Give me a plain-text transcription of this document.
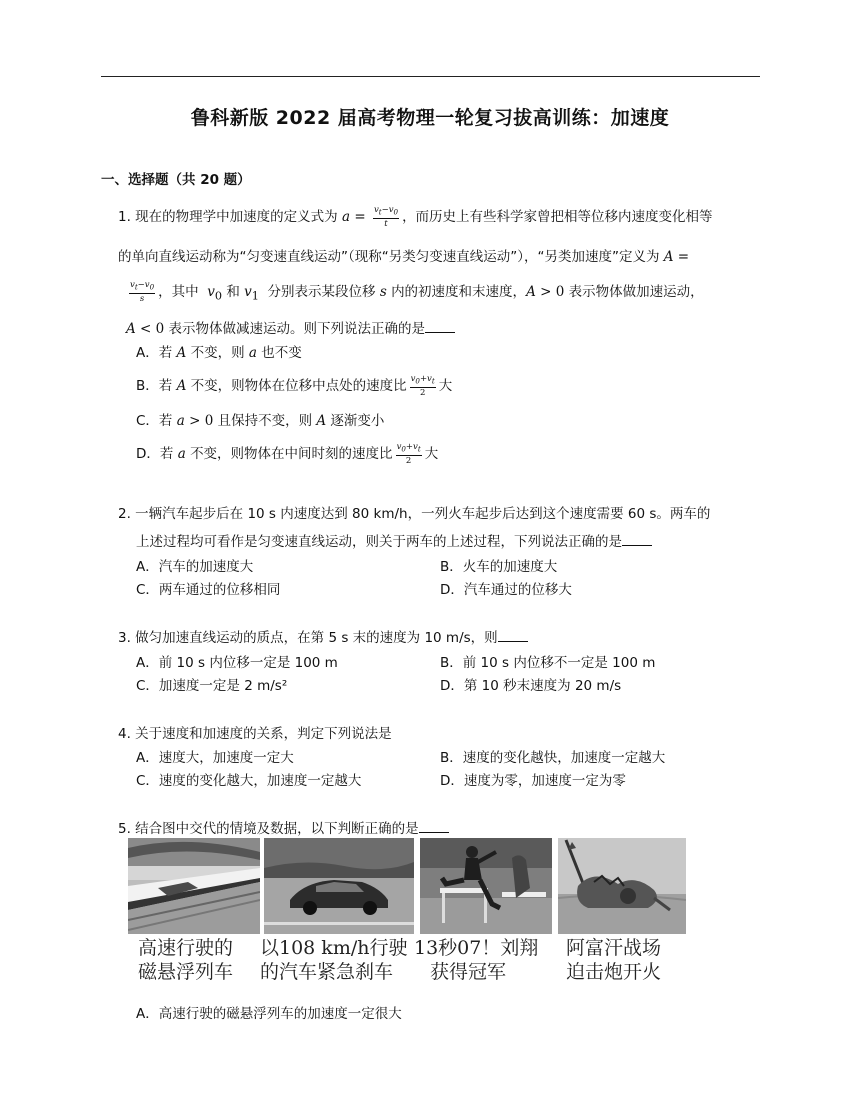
鲁科新版 2022 届高考物理一轮复习拔高训练：加速度
一、选择题（共 20 题）
1. 现在的物理学中加速度的定义式为 $a = \frac{v_t-v_0}{t}$ ，而历史上有些科学家曾把相等位移内速度变化相等
的单向直线运动称为“匀变速直线运动”（现称“另类匀变速直线运动”），“另类加速度”定义为 A =
$\frac{v_t-v_0}{s}$ ，其中 $v_0$ 和 $v_1$ 分别表示某段位移 s 内的初速度和末速度，A > 0 表示物体做加速运动，
A < 0 表示物体做减速运动。则下列说法正确的是
A．若 A 不变，则 a 也不变
B．若 A 不变，则物体在位移中点处的速度比 $\frac{v_0+v_t}{2}$ 大
C．若 a > 0 且保持不变，则 A 逐渐变小
D．若 a 不变，则物体在中间时刻的速度比 $\frac{v_0+v_t}{2}$ 大
2. 一辆汽车起步后在 10 s 内速度达到 80 km/h，一列火车起步后达到这个速度需要 60 s。两车的
上述过程均可看作是匀变速直线运动，则关于两车的上述过程，下列说法正确的是
A．汽车的加速度大	B．火车的加速度大
C．两车通过的位移相同	D．汽车通过的位移大
3. 做匀加速直线运动的质点，在第 5 s 末的速度为 10 m/s，则
A．前 10 s 内位移一定是 100 m	B．前 10 s 内位移不一定是 100 m
C．加速度一定是 2 m/s²	D．第 10 秒末速度为 20 m/s
4. 关于速度和加速度的关系，判定下列说法是
A．速度大，加速度一定大	B．速度的变化越快，加速度一定越大
C．速度的变化越大，加速度一定越大	D．速度为零，加速度一定为零
5. 结合图中交代的情境及数据，以下判断正确的是
高速行驶的
磁悬浮列车
以108 km/h行驶
的汽车紧急刹车
13秒07！刘翔
获得冠军
阿富汗战场
迫击炮开火
A．高速行驶的磁悬浮列车的加速度一定很大
